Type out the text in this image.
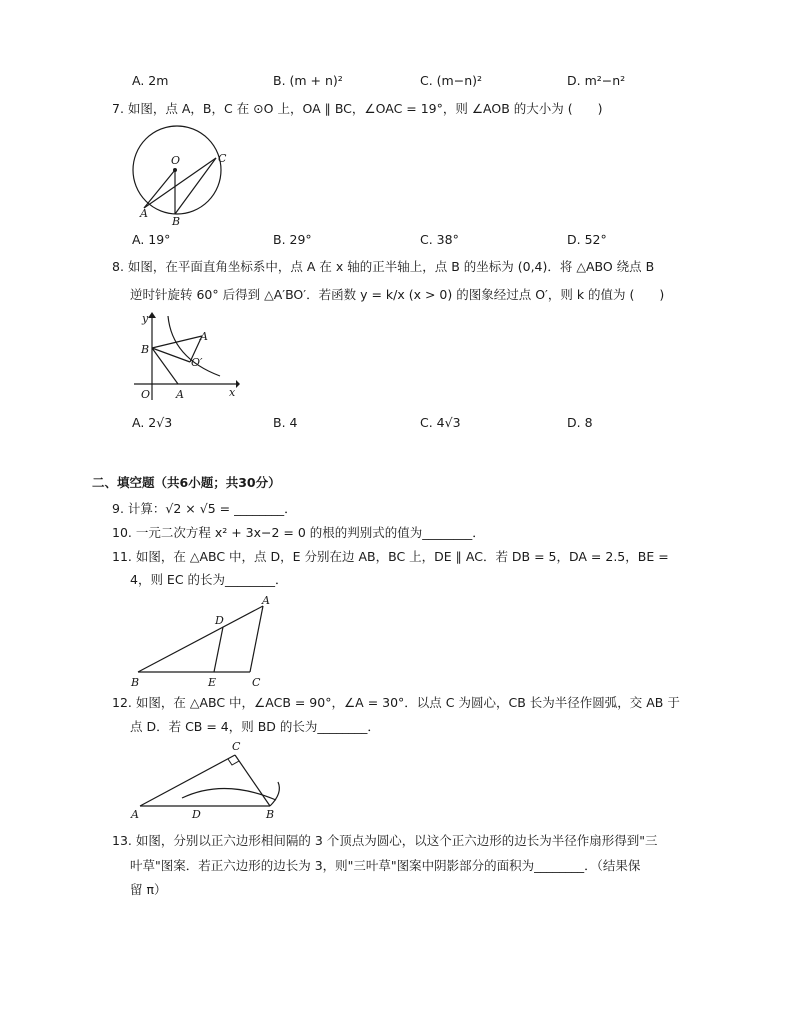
A. 2m	B. (m + n)²	C. (m−n)²	D. m²−n²
7. 如图，点 A，B，C 在 ⊙O 上，OA ∥ BC，∠OAC = 19°，则 ∠AOB 的大小为 (　　)
O	C
A
B
A. 19°	B. 29°	C. 38°	D. 52°
8. 如图，在平面直角坐标系中，点 A 在 x 轴的正半轴上，点 B 的坐标为 (0,4)．将 △ABO 绕点 B
逆时针旋转 60° 后得到 △A′BO′．若函数 y = k/x (x > 0) 的图象经过点 O′，则 k 的值为 (　　)
y
x
A
B
O′
O A
A. 2√3	B. 4	C. 4√3	D. 8
二、填空题（共6小题；共30分）
9. 计算：√2 × √5 = ________．
10. 一元二次方程 x² + 3x−2 = 0 的根的判别式的值为________．
11. 如图，在 △ABC 中，点 D，E 分别在边 AB，BC 上，DE ∥ AC．若 DB = 5，DA = 2.5，BE =
4，则 EC 的长为________．
A
D
B	E	C
12. 如图，在 △ABC 中，∠ACB = 90°，∠A = 30°．以点 C 为圆心，CB 长为半径作圆弧，交 AB 于
点 D．若 CB = 4，则 BD 的长为________．
C
A	D	B
13. 如图，分别以正六边形相间隔的 3 个顶点为圆心，以这个正六边形的边长为半径作扇形得到"三
叶草"图案．若正六边形的边长为 3，则"三叶草"图案中阴影部分的面积为________．（结果保
留 π）
